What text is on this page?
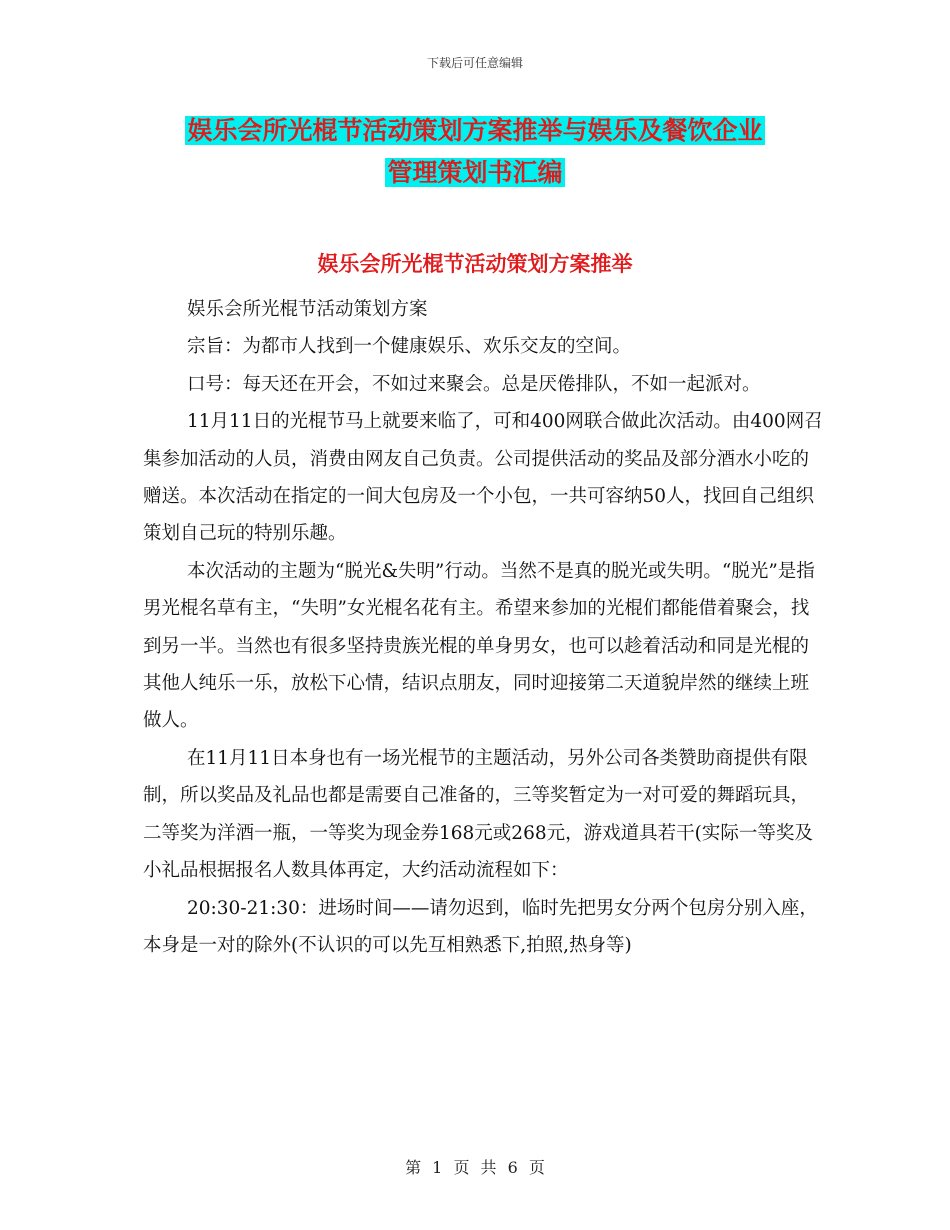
下载后可任意编辑
娱乐会所光棍节活动策划方案推举与娱乐及餐饮企业
管理策划书汇编
娱乐会所光棍节活动策划方案推举

娱乐会所光棍节活动策划方案

宗旨：为都市人找到一个健康娱乐、欢乐交友的空间。

口号：每天还在开会，不如过来聚会。总是厌倦排队，不如一起派对。

11月11日的光棍节马上就要来临了，可和400网联合做此次活动。由400网召集参加活动的人员，消费由网友自己负责。公司提供活动的奖品及部分酒水小吃的赠送。本次活动在指定的一间大包房及一个小包，一共可容纳50人，找回自己组织策划自己玩的特别乐趣。

本次活动的主题为“脱光&失明”行动。当然不是真的脱光或失明。“脱光”是指男光棍名草有主，“失明”女光棍名花有主。希望来参加的光棍们都能借着聚会，找到另一半。当然也有很多坚持贵族光棍的单身男女，也可以趁着活动和同是光棍的其他人纯乐一乐，放松下心情，结识点朋友，同时迎接第二天道貌岸然的继续上班做人。

在11月11日本身也有一场光棍节的主题活动，另外公司各类赞助商提供有限制，所以奖品及礼品也都是需要自己准备的，三等奖暂定为一对可爱的舞蹈玩具，二等奖为洋酒一瓶，一等奖为现金券168元或268元，游戏道具若干(实际一等奖及小礼品根据报名人数具体再定，大约活动流程如下：

20:30-21:30：进场时间——请勿迟到，临时先把男女分两个包房分别入座，本身是一对的除外(不认识的可以先互相熟悉下,拍照,热身等)

第 1 页 共 6 页
